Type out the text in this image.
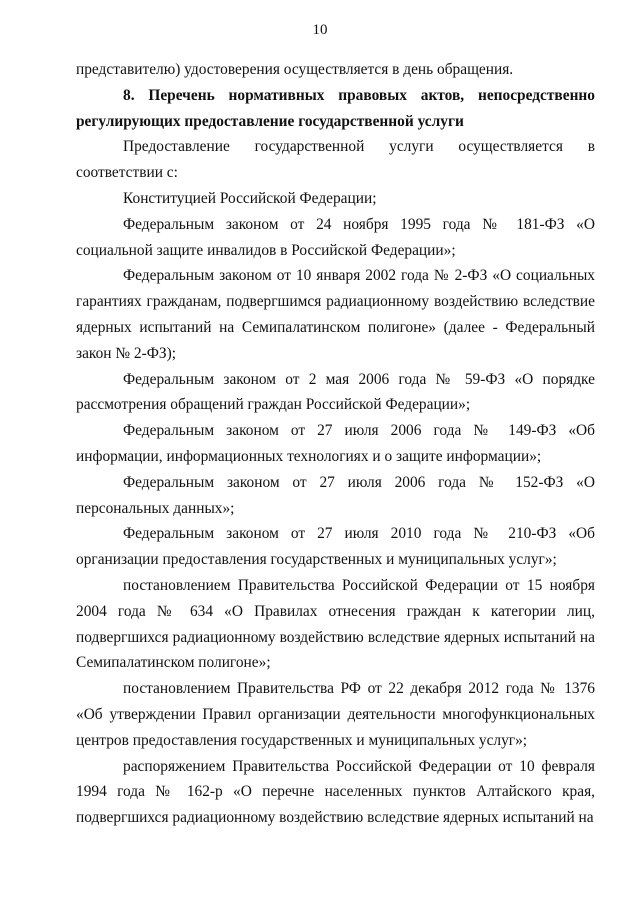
10

представителю) удостоверения осуществляется в день обращения.

8. Перечень нормативных правовых актов, непосредственно регулирующих предоставление государственной услуги

Предоставление государственной услуги осуществляется в соответствии с:

Конституцией Российской Федерации;

Федеральным законом от 24 ноября 1995 года № 181-ФЗ «О социальной защите инвалидов в Российской Федерации»;

Федеральным законом от 10 января 2002 года № 2-ФЗ «О социальных гарантиях гражданам, подвергшимся радиационному воздействию вследствие ядерных испытаний на Семипалатинском полигоне» (далее - Федеральный закон № 2-ФЗ);

Федеральным законом от 2 мая 2006 года № 59-ФЗ «О порядке рассмотрения обращений граждан Российской Федерации»;

Федеральным законом от 27 июля 2006 года № 149-ФЗ «Об информации, информационных технологиях и о защите информации»;

Федеральным законом от 27 июля 2006 года № 152-ФЗ «О персональных данных»;

Федеральным законом от 27 июля 2010 года № 210-ФЗ «Об организации предоставления государственных и муниципальных услуг»;

постановлением Правительства Российской Федерации от 15 ноября 2004 года № 634 «О Правилах отнесения граждан к категории лиц, подвергшихся радиационному воздействию вследствие ядерных испытаний на Семипалатинском полигоне»;

постановлением Правительства РФ от 22 декабря 2012 года № 1376 «Об утверждении Правил организации деятельности многофункциональных центров предоставления государственных и муниципальных услуг»;

распоряжением Правительства Российской Федерации от 10 февраля 1994 года № 162-р «О перечне населенных пунктов Алтайского края, подвергшихся радиационному воздействию вследствие ядерных испытаний на
